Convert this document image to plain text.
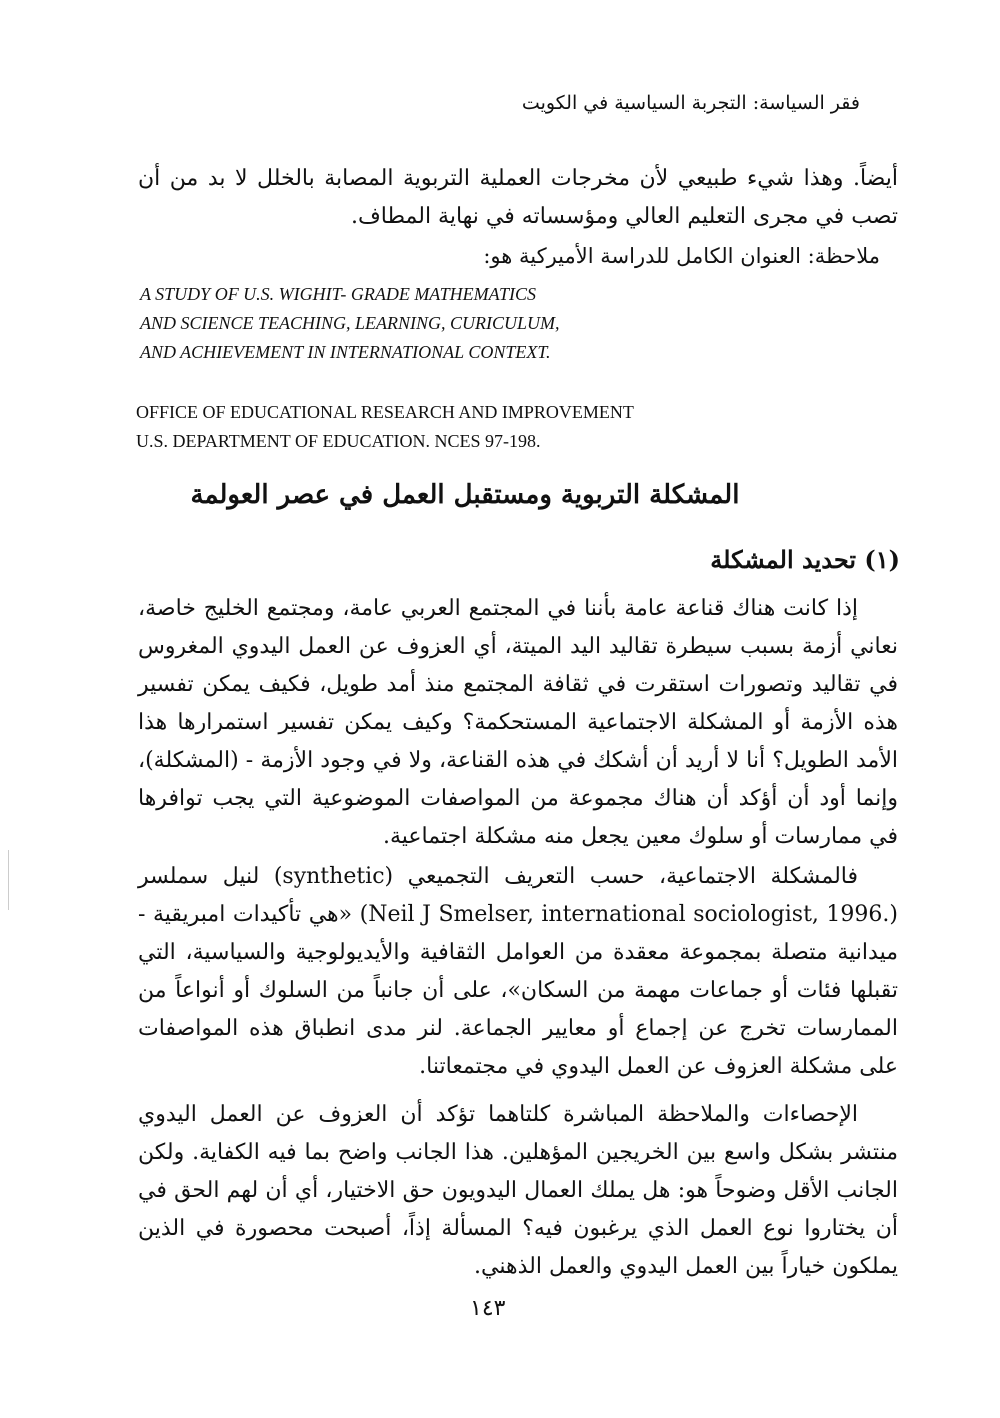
فقر السياسة: التجربة السياسية في الكويت

أيضاً. وهذا شيء طبيعي لأن مخرجات العملية التربوية المصابة بالخلل لا بد من أن تصب في مجرى التعليم العالي ومؤسساته في نهاية المطاف.

ملاحظة: العنوان الكامل للدراسة الأميركية هو:
A STUDY OF U.S. WIGHIT- GRADE MATHEMATICS
AND SCIENCE TEACHING, LEARNING, CURICULUM,
AND ACHIEVEMENT IN INTERNATIONAL CONTEXT.
OFFICE OF EDUCATIONAL RESEARCH AND IMPROVEMENT
U.S. DEPARTMENT OF EDUCATION. NCES 97-198.
المشكلة التربوية ومستقبل العمل في عصر العولمة
(١) تحديد المشكلة

إذا كانت هناك قناعة عامة بأننا في المجتمع العربي عامة، ومجتمع الخليج خاصة، نعاني أزمة بسبب سيطرة تقاليد اليد الميتة، أي العزوف عن العمل اليدوي المغروس في تقاليد وتصورات استقرت في ثقافة المجتمع منذ أمد طويل، فكيف يمكن تفسير هذه الأزمة أو المشكلة الاجتماعية المستحكمة؟ وكيف يمكن تفسير استمرارها هذا الأمد الطويل؟ أنا لا أريد أن أشكك في هذه القناعة، ولا في وجود الأزمة - (المشكلة)، وإنما أود أن أؤكد أن هناك مجموعة من المواصفات الموضوعية التي يجب توافرها في ممارسات أو سلوك معين يجعل منه مشكلة اجتماعية.

فالمشكلة الاجتماعية، حسب التعريف التجميعي (synthetic) لنيل سملسر (.Neil J Smelser, international sociologist, 1996) «هي تأكيدات امبريقية - ميدانية متصلة بمجموعة معقدة من العوامل الثقافية والأيديولوجية والسياسية، التي تقبلها فئات أو جماعات مهمة من السكان»، على أن جانباً من السلوك أو أنواعاً من الممارسات تخرج عن إجماع أو معايير الجماعة. لنر مدى انطباق هذه المواصفات على مشكلة العزوف عن العمل اليدوي في مجتمعاتنا.

الإحصاءات والملاحظة المباشرة كلتاهما تؤكد أن العزوف عن العمل اليدوي منتشر بشكل واسع بين الخريجين المؤهلين. هذا الجانب واضح بما فيه الكفاية. ولكن الجانب الأقل وضوحاً هو: هل يملك العمال اليدويون حق الاختيار، أي أن لهم الحق في أن يختاروا نوع العمل الذي يرغبون فيه؟ المسألة إذاً، أصبحت محصورة في الذين يملكون خياراً بين العمل اليدوي والعمل الذهني.

١٤٣
